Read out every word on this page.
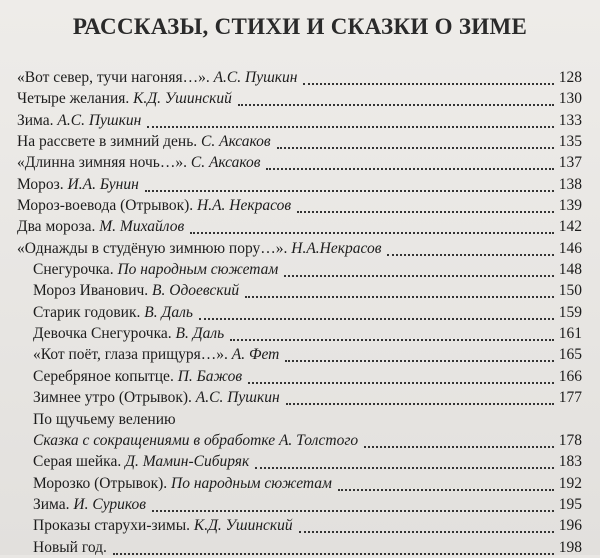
РАССКАЗЫ, СТИХИ И СКАЗКИ О ЗИМЕ
«Вот север, тучи нагоняя…». А.С. Пушкин	128
Четыре желания. К.Д. Ушинский	130
Зима. А.С. Пушкин	133
На рассвете в зимний день. С. Аксаков	135
«Длинна зимняя ночь…». С. Аксаков	137
Мороз. И.А. Бунин	138
Мороз-воевода (Отрывок). Н.А. Некрасов	139
Два мороза. М. Михайлов	142
«Однажды в студёную зимнюю пору…». Н.А.Некрасов	146
Снегурочка. По народным сюжетам	148
Мороз Иванович. В. Одоевский	150
Старик годовик. В. Даль	159
Девочка Снегурочка. В. Даль	161
«Кот поёт, глаза прищуря…». А. Фет	165
Серебряное копытце. П. Бажов	166
Зимнее утро (Отрывок). А.С. Пушкин	177
По щучьему велению
Сказка с сокращениями в обработке А. Толстого	178
Серая шейка. Д. Мамин-Сибиряк	183
Морозко (Отрывок). По народным сюжетам	192
Зима. И. Суриков	195
Проказы старухи-зимы. К.Д. Ушинский	196
Новый год.	198
